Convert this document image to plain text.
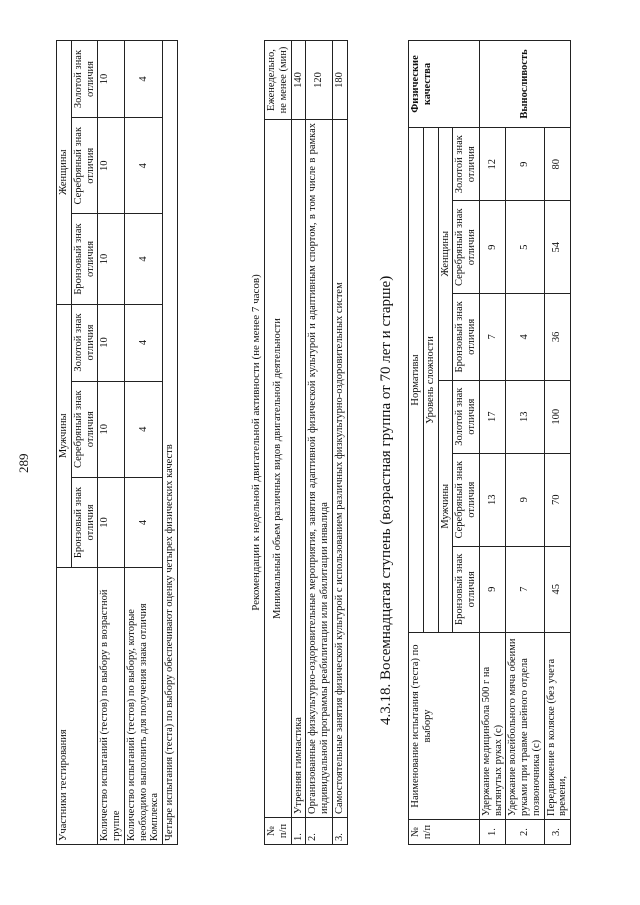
289
Участники тестирования	Мужчины			Женщины		
	Бронзовый знак отличия	Серебряный знак отличия	Золотой знак отличия	Бронзовый знак отличия	Серебряный знак отличия	Золотой знак отличия
Количество испытаний (тестов) по выбору в возрастной группе	10	10	10	10	10	10
Количество испытаний (тестов) по выбору, которые необходимо выполнить для получения знака отличия Комплекса	4	4	4	4	4	4
Четыре испытания (теста) по выбору обеспечивают оценку четырех физических качеств						
Рекомендации к недельной двигательной активности (не менее 7 часов)
№ п/п	Минимальный объем различных видов двигательной деятельности	Еженедельно, не менее (мин)
1.	Утренняя гимнастика	140
2.	Организованные физкультурно-оздоровительные мероприятия, занятия адаптивной физической культурой и адаптивным спортом, в том числе в рамках индивидуальной программы реабилитации или абилитации инвалида	120
3.	Самостоятельные занятия физической культурой с использованием различных физкультурно-оздоровительных систем	180
4.3.18. Восемнадцатая ступень (возрастная группа от 70 лет и старше)
№ п/п	Наименование испытания (теста) по выбору	Нормативы						Физические качества
		Уровень сложности						
		Мужчины			Женщины			
		Бронзовый знак отличия	Серебряный знак отличия	Золотой знак отличия	Бронзовый знак отличия	Серебряный знак отличия	Золотой знак отличия	
1.	Удержание медицинбола 500 г на вытянутых руках (с)	9	13	17	7	9	12	Выносливость
2.	Удержание волейбольного мяча обеими руками при травме шейного отдела позвоночника (с)	7	9	13	4	5	9	
3.	Передвижение в коляске (без учета времени,	45	70	100	36	54	80	
